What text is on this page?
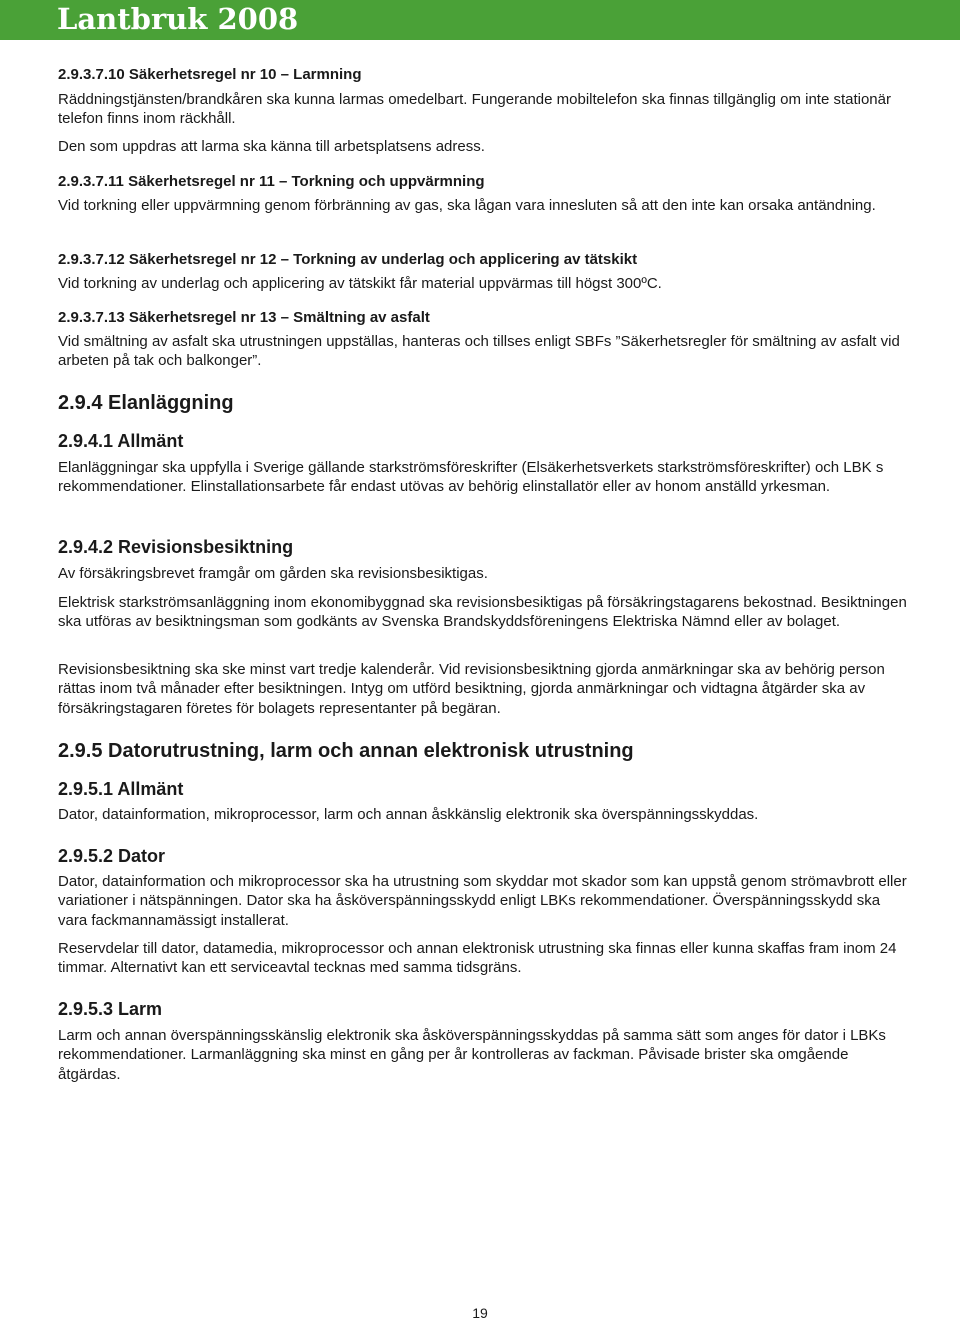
Lantbruk 2008
2.9.3.7.10 Säkerhetsregel nr 10 – Larmning

Räddningstjänsten/brandkåren ska kunna larmas omedelbart. Fungerande mobiltelefon ska finnas tillgänglig om inte stationär telefon finns inom räckhåll.

Den som uppdras att larma ska känna till arbetsplatsens adress.

2.9.3.7.11 Säkerhetsregel nr 11 – Torkning och uppvärmning

Vid torkning eller uppvärmning genom förbränning av gas, ska lågan vara innesluten så att den inte kan orsaka antändning.

2.9.3.7.12 Säkerhetsregel nr 12 – Torkning av underlag och applicering av tätskikt

Vid torkning av underlag och applicering av tätskikt får material uppvärmas till högst 300ºC.

2.9.3.7.13 Säkerhetsregel nr 13 – Smältning av asfalt

Vid smältning av asfalt ska utrustningen uppställas, hanteras och tillses enligt SBFs ”Säkerhetsregler för smältning av asfalt vid arbeten på tak och balkonger”.

2.9.4 Elanläggning
2.9.4.1 Allmänt

Elanläggningar ska uppfylla i Sverige gällande starkströmsföreskrifter (Elsäkerhetsverkets starkströmsföreskrifter) och LBK s rekommendationer. Elinstallationsarbete får endast utövas av behörig elinstallatör eller av honom anställd yrkesman.

2.9.4.2 Revisionsbesiktning

Av försäkringsbrevet framgår om gården ska revisionsbesiktigas.

Elektrisk starkströmsanläggning inom ekonomibyggnad ska revisionsbesiktigas på försäkringstagarens bekostnad. Besiktningen ska utföras av besiktningsman som godkänts av Svenska Brandskyddsföreningens Elektriska Nämnd eller av bolaget.

Revisionsbesiktning ska ske minst vart tredje kalenderår. Vid revisionsbesiktning gjorda anmärkningar ska av behörig person rättas inom två månader efter besiktningen. Intyg om utförd besiktning, gjorda anmärkningar och vidtagna åtgärder ska av försäkringstagaren företes för bolagets representanter på begäran.

2.9.5 Datorutrustning, larm och annan elektronisk utrustning
2.9.5.1 Allmänt

Dator, datainformation, mikroprocessor, larm och annan åskkänslig elektronik ska överspänningsskyddas.

2.9.5.2 Dator

Dator, datainformation och mikroprocessor ska ha utrustning som skyddar mot skador som kan uppstå genom strömavbrott eller variationer i nätspänningen. Dator ska ha åsköverspänningsskydd enligt LBKs rekommendationer. Överspänningsskydd ska vara fackmannamässigt installerat.

Reservdelar till dator, datamedia, mikroprocessor och annan elektronisk utrustning ska finnas eller kunna skaffas fram inom 24 timmar. Alternativt kan ett serviceavtal tecknas med samma tidsgräns.

2.9.5.3 Larm

Larm och annan överspänningsskänslig elektronik ska åsköverspänningsskyddas på samma sätt som anges för dator i LBKs rekommendationer. Larmanläggning ska minst en gång per år kontrolleras av fackman. Påvisade brister ska omgående åtgärdas.

19
